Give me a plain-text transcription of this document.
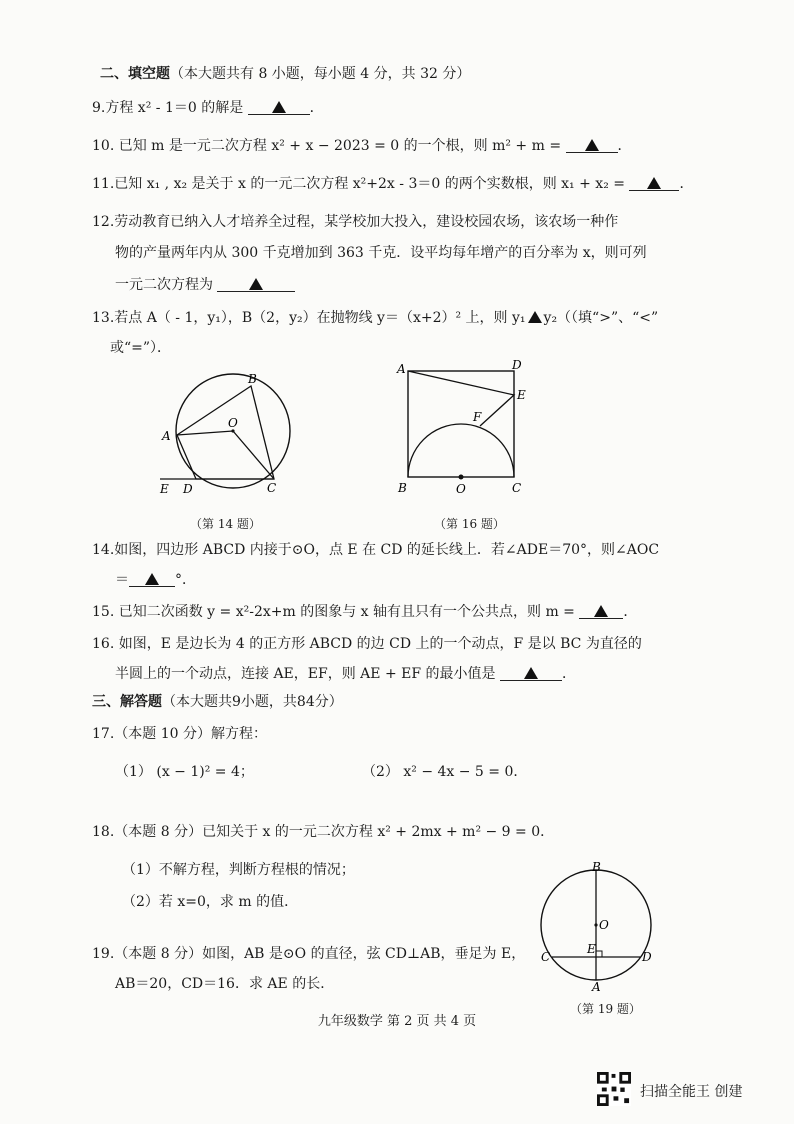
二、填空题（本大题共有 8 小题，每小题 4 分，共 32 分）
9.方程 x² - 1＝0 的解是	．
10. 已知 m 是一元二次方程 x² + x − 2023 = 0 的一个根，则 m² + m =	．
11.已知 x₁ , x₂ 是关于 x 的一元二次方程 x²+2x - 3＝0 的两个实数根，则 x₁ + x₂ =	．
12.劳动教育已纳入人才培养全过程，某学校加大投入，建设校园农场，该农场一种作
物的产量两年内从 300 千克增加到 363 千克．设平均每年增产的百分率为 x，则可列
一元二次方程为
13.若点 A（ - 1，y₁），B（2，y₂）在抛物线 y＝（x+2）² 上，则 y₁ y₂（（填“>”、“<”
或“=”）．
A
B
C
D
E
O
（第 14 题）
A
B	C
D
E
F
O
（第 16 题）
14.如图，四边形 ABCD 内接于⊙O，点 E 在 CD 的延长线上．若∠ADE＝70°，则∠AOC
＝	°．
15. 已知二次函数 y = x²-2x+m 的图象与 x 轴有且只有一个公共点，则 m =	．
16. 如图，E 是边长为 4 的正方形 ABCD 的边 CD 上的一个动点，F 是以 BC 为直径的
半圆上的一个动点，连接 AE，EF，则 AE + EF 的最小值是	．
三、解答题（本大题共9小题，共84分）
17.（本题 10 分）解方程：
（1） (x − 1)² = 4；	（2） x² − 4x − 5 = 0．
18.（本题 8 分）已知关于 x 的一元二次方程 x² + 2mx + m² − 9 = 0．
（1）不解方程，判断方程根的情况；
（2）若 x=0，求 m 的值．
B
A
C	D
E
O
（第 19 题）
19.（本题 8 分）如图，AB 是⊙O 的直径，弦 CD⊥AB，垂足为 E，
AB＝20，CD＝16．求 AE 的长．
九年级数学 第 2 页 共 4 页
扫描全能王 创建
